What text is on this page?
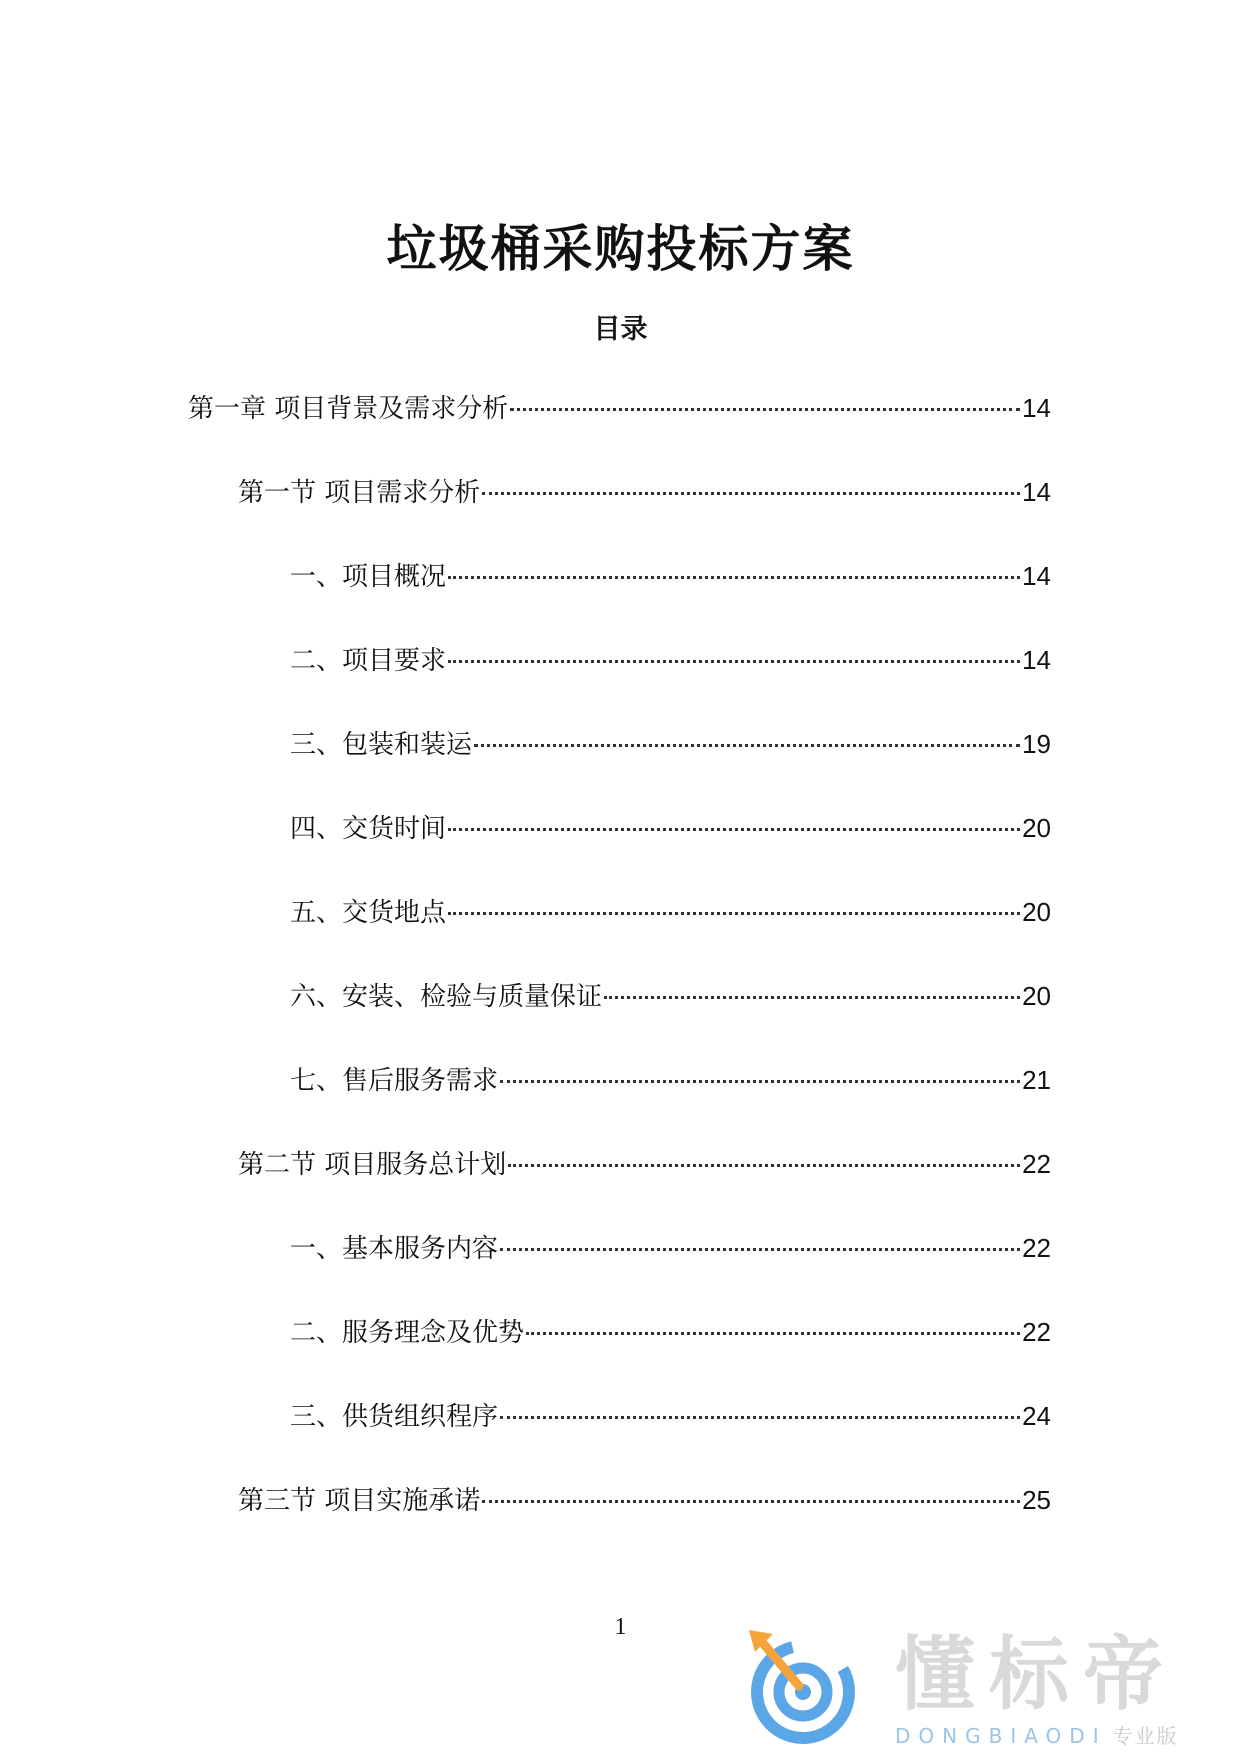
垃圾桶采购投标方案
目录
第一章 项目背景及需求分析	14
第一节 项目需求分析	14
一、项目概况	14
二、项目要求	14
三、包装和装运	19
四、交货时间	20
五、交货地点	20
六、安装、检验与质量保证	20
七、售后服务需求	21
第二节 项目服务总计划	22
一、基本服务内容	22
二、服务理念及优势	22
三、供货组织程序	24
第三节 项目实施承诺	25
1
懂标帝
DONGBIAODI 专业版
